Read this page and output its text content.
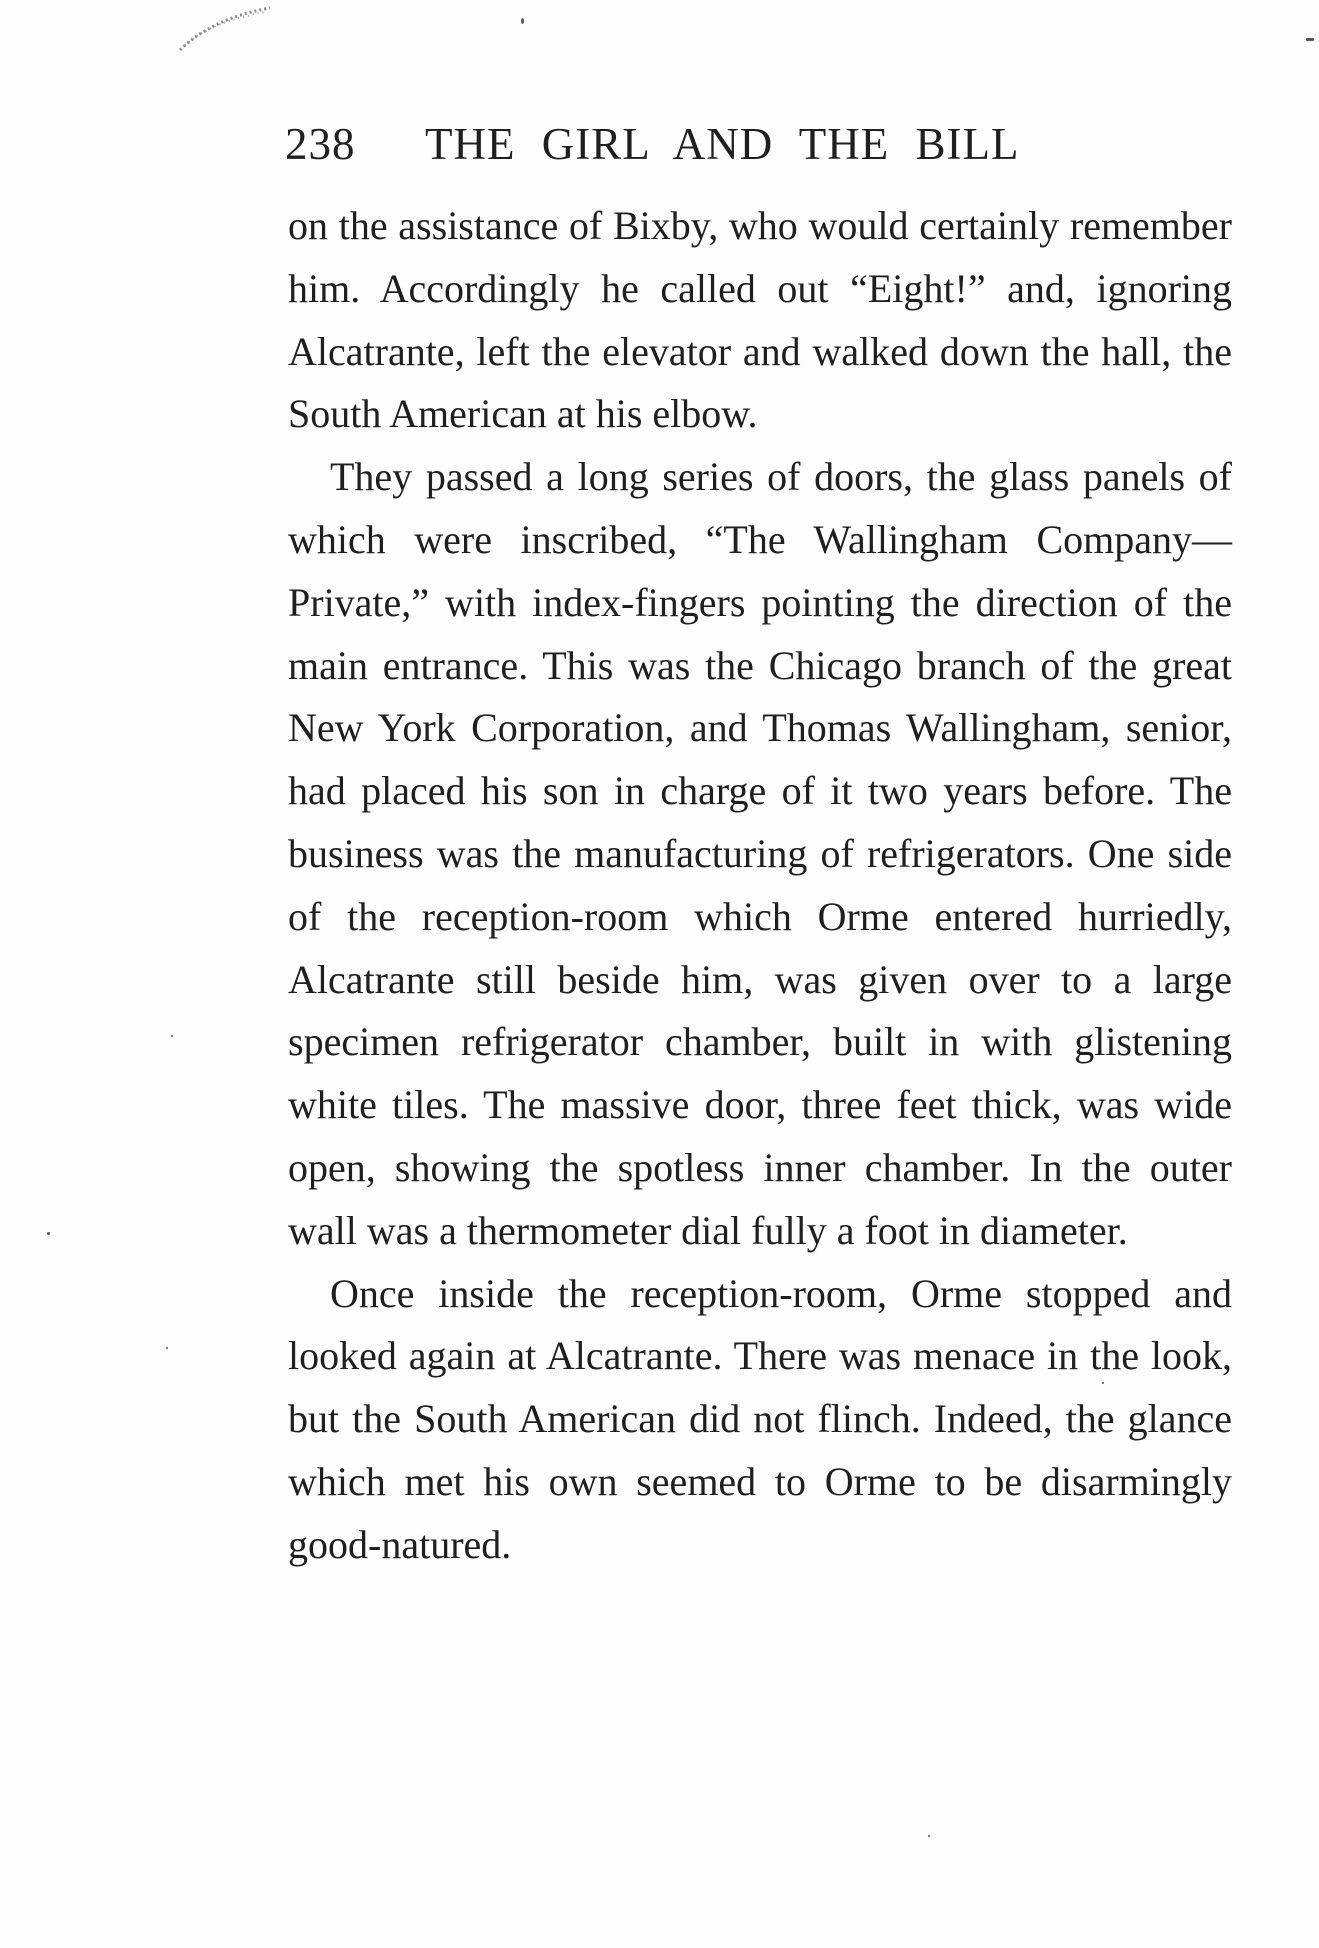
238 THE GIRL AND THE BILL

on the assistance of Bixby, who would certainly remember him. Accordingly he called out “Eight!” and, ignoring Alcatrante, left the elevator and walked down the hall, the South American at his elbow.

They passed a long series of doors, the glass panels of which were inscribed, “The Wallingham Company—Private,” with index-fingers pointing the direction of the main entrance. This was the Chicago branch of the great New York Corporation, and Thomas Wallingham, senior, had placed his son in charge of it two years before. The business was the manufacturing of refrigerators. One side of the reception-room which Orme entered hurriedly, Alcatrante still beside him, was given over to a large specimen refrigerator chamber, built in with glistening white tiles. The massive door, three feet thick, was wide open, showing the spotless inner chamber. In the outer wall was a thermometer dial fully a foot in diameter.

Once inside the reception-room, Orme stopped and looked again at Alcatrante. There was menace in the look, but the South American did not flinch. Indeed, the glance which met his own seemed to Orme to be disarmingly good-natured.
